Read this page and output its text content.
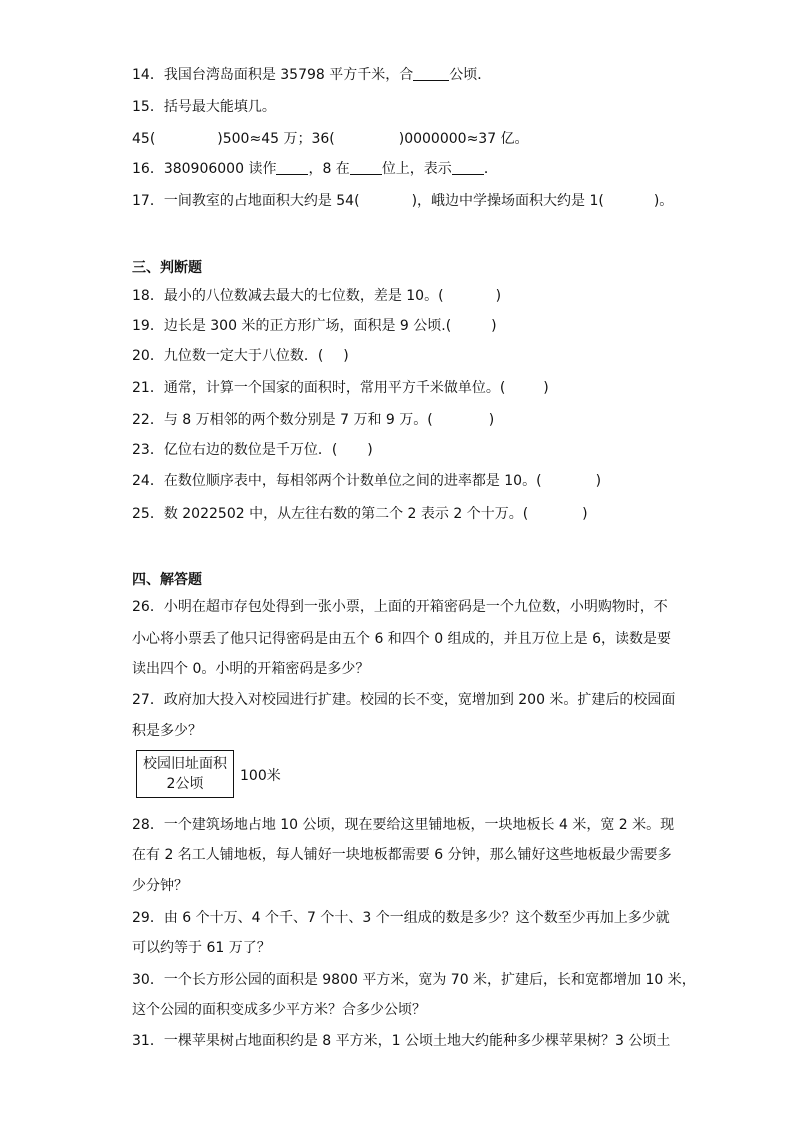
14．我国台湾岛面积是 35798 平方千米，合	公顷．
15．括号最大能填几。
45(	)500≈45 万；36(	)0000000≈37 亿。
16．380906000 读作 ，8 在 位上，表示 ．
17．一间教室的占地面积大约是 54(	)，峨边中学操场面积大约是 1(	)。
三、判断题
18．最小的八位数减去最大的七位数，差是 10。(	)
19．边长是 300 米的正方形广场，面积是 9 公顷.(	)
20．九位数一定大于八位数．( )
21．通常，计算一个国家的面积时，常用平方千米做单位。(	)
22．与 8 万相邻的两个数分别是 7 万和 9 万。(	)
23．亿位右边的数位是千万位．( )
24．在数位顺序表中，每相邻两个计数单位之间的进率都是 10。(	)
25．数 2022502 中，从左往右数的第二个 2 表示 2 个十万。(	)
四、解答题
26．小明在超市存包处得到一张小票，上面的开箱密码是一个九位数，小明购物时，不
小心将小票丢了他只记得密码是由五个 6 和四个 0 组成的，并且万位上是 6，读数是要
读出四个 0。小明的开箱密码是多少？
27．政府加大投入对校园进行扩建。校园的长不变，宽增加到 200 米。扩建后的校园面
积是多少？
校园旧址面积
2公顷	100米
28．一个建筑场地占地 10 公顷，现在要给这里铺地板，一块地板长 4 米，宽 2 米。现
在有 2 名工人铺地板，每人铺好一块地板都需要 6 分钟，那么铺好这些地板最少需要多
少分钟？
29．由 6 个十万、4 个千、7 个十、3 个一组成的数是多少？这个数至少再加上多少就
可以约等于 61 万了？
30．一个长方形公园的面积是 9800 平方米，宽为 70 米，扩建后，长和宽都增加 10 米，
这个公园的面积变成多少平方米？合多少公顷？
31．一棵苹果树占地面积约是 8 平方米，1 公顷土地大约能种多少棵苹果树？3 公顷土
